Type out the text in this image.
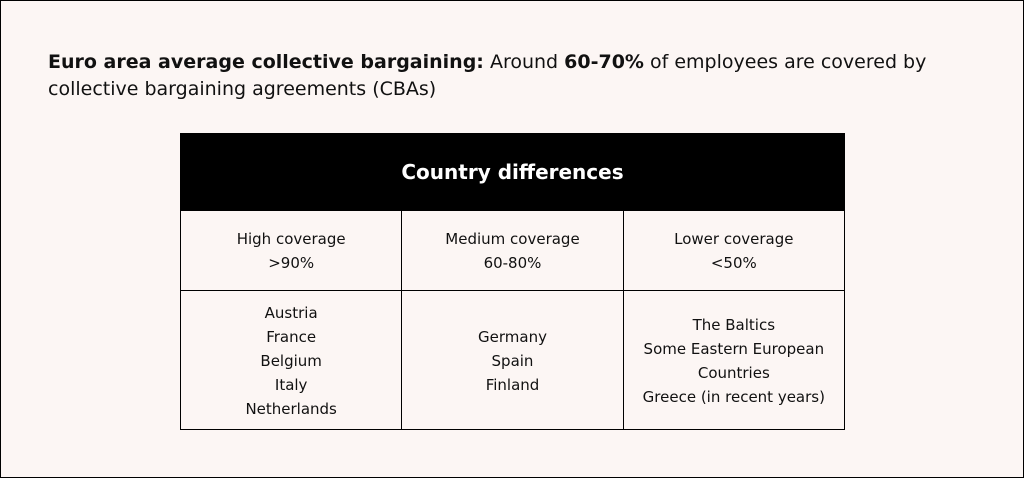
Euro area average collective bargaining: Around 60-70% of employees are covered by collective bargaining agreements (CBAs)

Country differences
High coverage
>90%
Medium coverage
60-80%
Lower coverage
<50%
Austria
France
Belgium
Italy
Netherlands
Germany
Spain
Finland
The Baltics
Some Eastern European
Countries
Greece (in recent years)
